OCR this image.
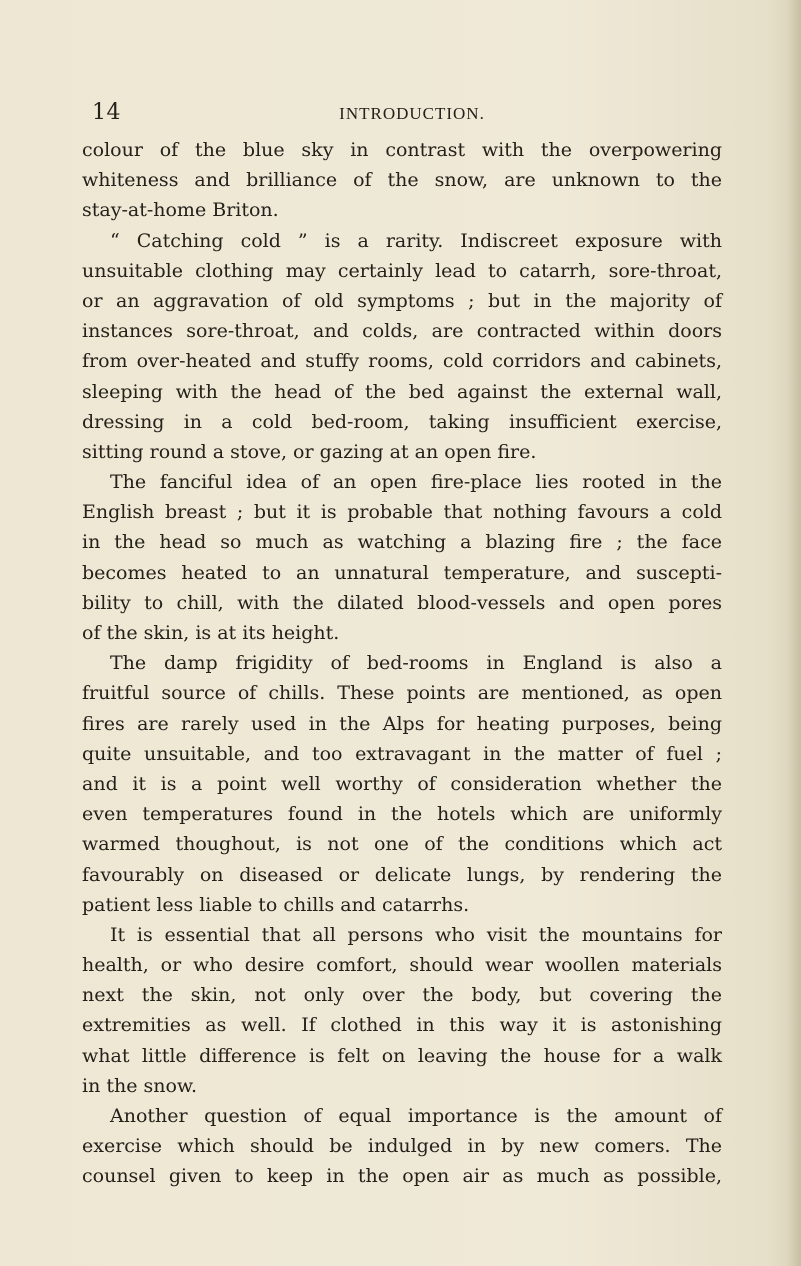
14	INTRODUCTION.
colour of the blue sky in contrast with the overpowering
whiteness and brilliance of the snow, are unknown to the
stay-at-home Briton.
“ Catching cold ” is a rarity. Indiscreet exposure with
unsuitable clothing may certainly lead to catarrh, sore-throat,
or an aggravation of old symptoms ; but in the majority of
instances sore-throat, and colds, are contracted within doors
from over-heated and stuffy rooms, cold corridors and cabinets,
sleeping with the head of the bed against the external wall,
dressing in a cold bed-room, taking insufficient exercise,
sitting round a stove, or gazing at an open fire.
The fanciful idea of an open fire-place lies rooted in the
English breast ; but it is probable that nothing favours a cold
in the head so much as watching a blazing fire ; the face
becomes heated to an unnatural temperature, and suscepti-
bility to chill, with the dilated blood-vessels and open pores
of the skin, is at its height.
The damp frigidity of bed-rooms in England is also a
fruitful source of chills. These points are mentioned, as open
fires are rarely used in the Alps for heating purposes, being
quite unsuitable, and too extravagant in the matter of fuel ;
and it is a point well worthy of consideration whether the
even temperatures found in the hotels which are uniformly
warmed thoughout, is not one of the conditions which act
favourably on diseased or delicate lungs, by rendering the
patient less liable to chills and catarrhs.
It is essential that all persons who visit the mountains for
health, or who desire comfort, should wear woollen materials
next the skin, not only over the body, but covering the
extremities as well. If clothed in this way it is astonishing
what little difference is felt on leaving the house for a walk
in the snow.
Another question of equal importance is the amount of
exercise which should be indulged in by new comers. The
counsel given to keep in the open air as much as possible,
